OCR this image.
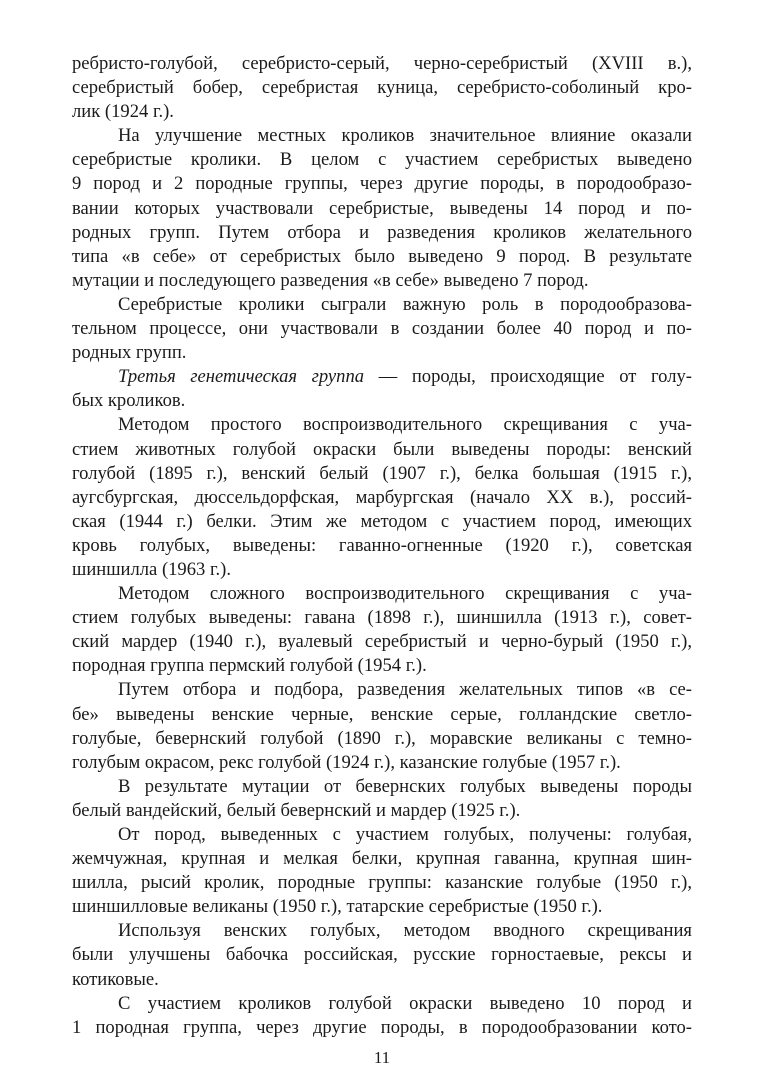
ребристо-голубой, серебристо-серый, черно-серебристый (XVIII в.),
серебристый бобер, серебристая куница, серебристо-соболиный кро-
лик (1924 г.).
На улучшение местных кроликов значительное влияние оказали
серебристые кролики. В целом с участием серебристых выведено
9 пород и 2 породные группы, через другие породы, в породообразо-
вании которых участвовали серебристые, выведены 14 пород и по-
родных групп. Путем отбора и разведения кроликов желательного
типа «в себе» от серебристых было выведено 9 пород. В результате
мутации и последующего разведения «в себе» выведено 7 пород.
Серебристые кролики сыграли важную роль в породообразова-
тельном процессе, они участвовали в создании более 40 пород и по-
родных групп.
Третья генетическая группа — породы, происходящие от голу-
бых кроликов.
Методом простого воспроизводительного скрещивания с уча-
стием животных голубой окраски были выведены породы: венский
голубой (1895 г.), венский белый (1907 г.), белка большая (1915 г.),
аугсбургская, дюссельдорфская, марбургская (начало XX в.), россий-
ская (1944 г.) белки. Этим же методом с участием пород, имеющих
кровь голубых, выведены: гаванно-огненные (1920 г.), советская
шиншилла (1963 г.).
Методом сложного воспроизводительного скрещивания с уча-
стием голубых выведены: гавана (1898 г.), шиншилла (1913 г.), совет-
ский мардер (1940 г.), вуалевый серебристый и черно-бурый (1950 г.),
породная группа пермский голубой (1954 г.).
Путем отбора и подбора, разведения желательных типов «в се-
бе» выведены венские черные, венские серые, голландские светло-
голубые, бевернский голубой (1890 г.), моравские великаны с темно-
голубым окрасом, рекс голубой (1924 г.), казанские голубые (1957 г.).
В результате мутации от бевернских голубых выведены породы
белый вандейский, белый бевернский и мардер (1925 г.).
От пород, выведенных с участием голубых, получены: голубая,
жемчужная, крупная и мелкая белки, крупная гаванна, крупная шин-
шилла, рысий кролик, породные группы: казанские голубые (1950 г.),
шиншилловые великаны (1950 г.), татарские серебристые (1950 г.).
Используя венских голубых, методом вводного скрещивания
были улучшены бабочка российская, русские горностаевые, рексы и
котиковые.
С участием кроликов голубой окраски выведено 10 пород и
1 породная группа, через другие породы, в породообразовании кото-
11
